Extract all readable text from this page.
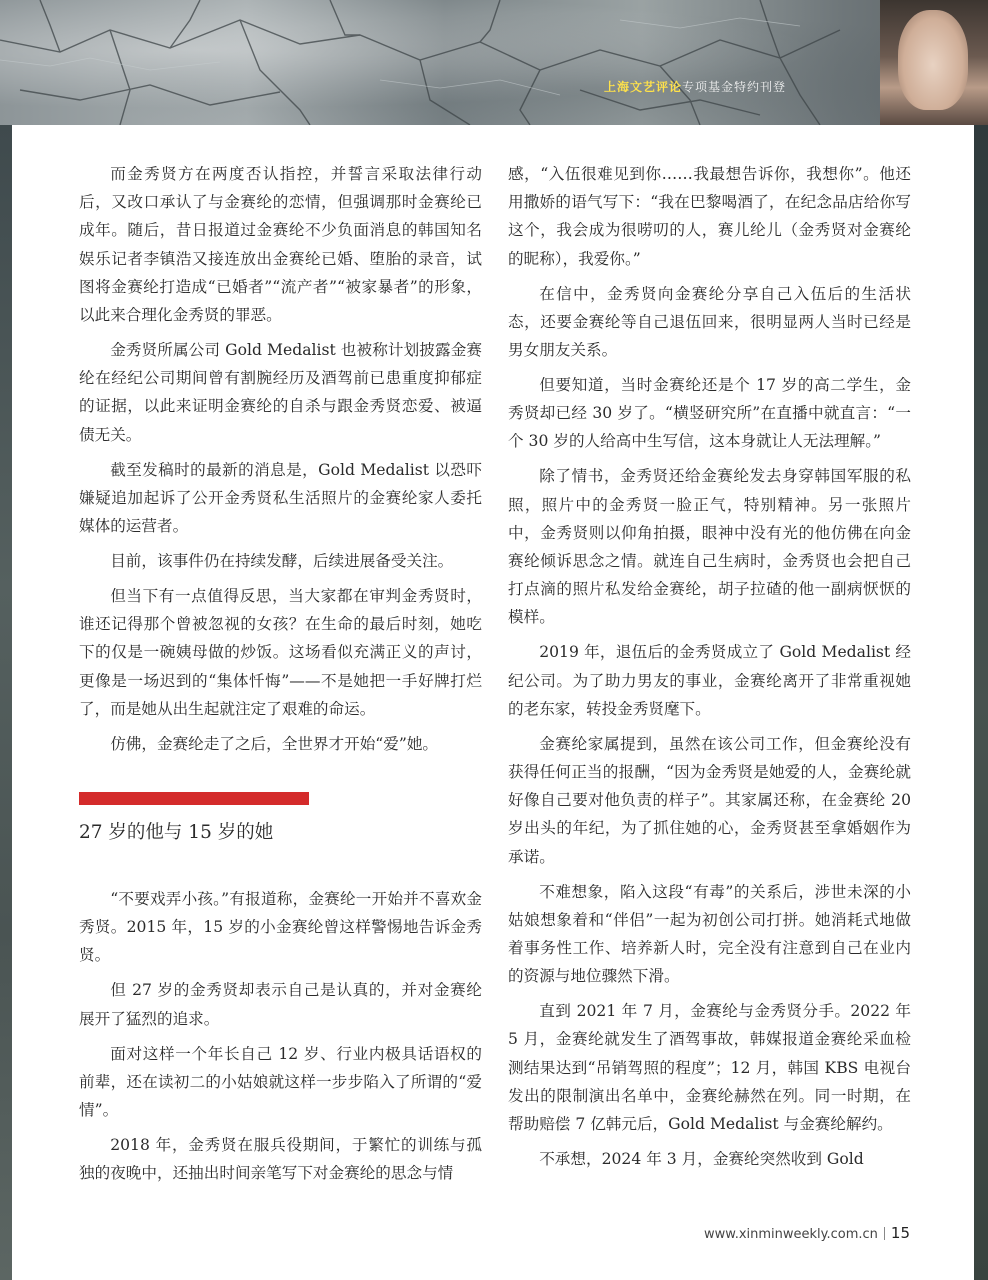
上海文艺评论专项基金特约刊登

而金秀贤方在两度否认指控，并誓言采取法律行动后，又改口承认了与金赛纶的恋情，但强调那时金赛纶已成年。随后，昔日报道过金赛纶不少负面消息的韩国知名娱乐记者李镇浩又接连放出金赛纶已婚、堕胎的录音，试图将金赛纶打造成“已婚者”“流产者”“被家暴者”的形象，以此来合理化金秀贤的罪恶。

金秀贤所属公司 Gold Medalist 也被称计划披露金赛纶在经纪公司期间曾有割腕经历及酒驾前已患重度抑郁症的证据，以此来证明金赛纶的自杀与跟金秀贤恋爱、被逼债无关。

截至发稿时的最新的消息是，Gold Medalist 以恐吓嫌疑追加起诉了公开金秀贤私生活照片的金赛纶家人委托媒体的运营者。

目前，该事件仍在持续发酵，后续进展备受关注。

但当下有一点值得反思，当大家都在审判金秀贤时，谁还记得那个曾被忽视的女孩？在生命的最后时刻，她吃下的仅是一碗姨母做的炒饭。这场看似充满正义的声讨，更像是一场迟到的“集体忏悔”——不是她把一手好牌打烂了，而是她从出生起就注定了艰难的命运。

仿佛，金赛纶走了之后，全世界才开始“爱”她。

27 岁的他与 15 岁的她

“不要戏弄小孩。”有报道称，金赛纶一开始并不喜欢金秀贤。2015 年，15 岁的小金赛纶曾这样警惕地告诉金秀贤。

但 27 岁的金秀贤却表示自己是认真的，并对金赛纶展开了猛烈的追求。

面对这样一个年长自己 12 岁、行业内极具话语权的前辈，还在读初二的小姑娘就这样一步步陷入了所谓的“爱情”。

2018 年，金秀贤在服兵役期间，于繁忙的训练与孤独的夜晚中，还抽出时间亲笔写下对金赛纶的思念与情

感，“入伍很难见到你……我最想告诉你，我想你”。他还用撒娇的语气写下：“我在巴黎喝酒了，在纪念品店给你写这个，我会成为很唠叨的人，赛儿纶儿（金秀贤对金赛纶的昵称），我爱你。”

在信中，金秀贤向金赛纶分享自己入伍后的生活状态，还要金赛纶等自己退伍回来，很明显两人当时已经是男女朋友关系。

但要知道，当时金赛纶还是个 17 岁的高二学生，金秀贤却已经 30 岁了。“横竖研究所”在直播中就直言：“一个 30 岁的人给高中生写信，这本身就让人无法理解。”

除了情书，金秀贤还给金赛纶发去身穿韩国军服的私照，照片中的金秀贤一脸正气，特别精神。另一张照片中，金秀贤则以仰角拍摄，眼神中没有光的他仿佛在向金赛纶倾诉思念之情。就连自己生病时，金秀贤也会把自己打点滴的照片私发给金赛纶，胡子拉碴的他一副病恹恹的模样。

2019 年，退伍后的金秀贤成立了 Gold Medalist 经纪公司。为了助力男友的事业，金赛纶离开了非常重视她的老东家，转投金秀贤麾下。

金赛纶家属提到，虽然在该公司工作，但金赛纶没有获得任何正当的报酬，“因为金秀贤是她爱的人，金赛纶就好像自己要对他负责的样子”。其家属还称，在金赛纶 20 岁出头的年纪，为了抓住她的心，金秀贤甚至拿婚姻作为承诺。

不难想象，陷入这段“有毒”的关系后，涉世未深的小姑娘想象着和“伴侣”一起为初创公司打拼。她消耗式地做着事务性工作、培养新人时，完全没有注意到自己在业内的资源与地位骤然下滑。

直到 2021 年 7 月，金赛纶与金秀贤分手。2022 年 5 月，金赛纶就发生了酒驾事故，韩媒报道金赛纶采血检测结果达到“吊销驾照的程度”；12 月，韩国 KBS 电视台发出的限制演出名单中，金赛纶赫然在列。同一时期，在帮助赔偿 7 亿韩元后，Gold Medalist 与金赛纶解约。

不承想，2024 年 3 月，金赛纶突然收到 Gold

www.xinminweekly.com.cn 15
